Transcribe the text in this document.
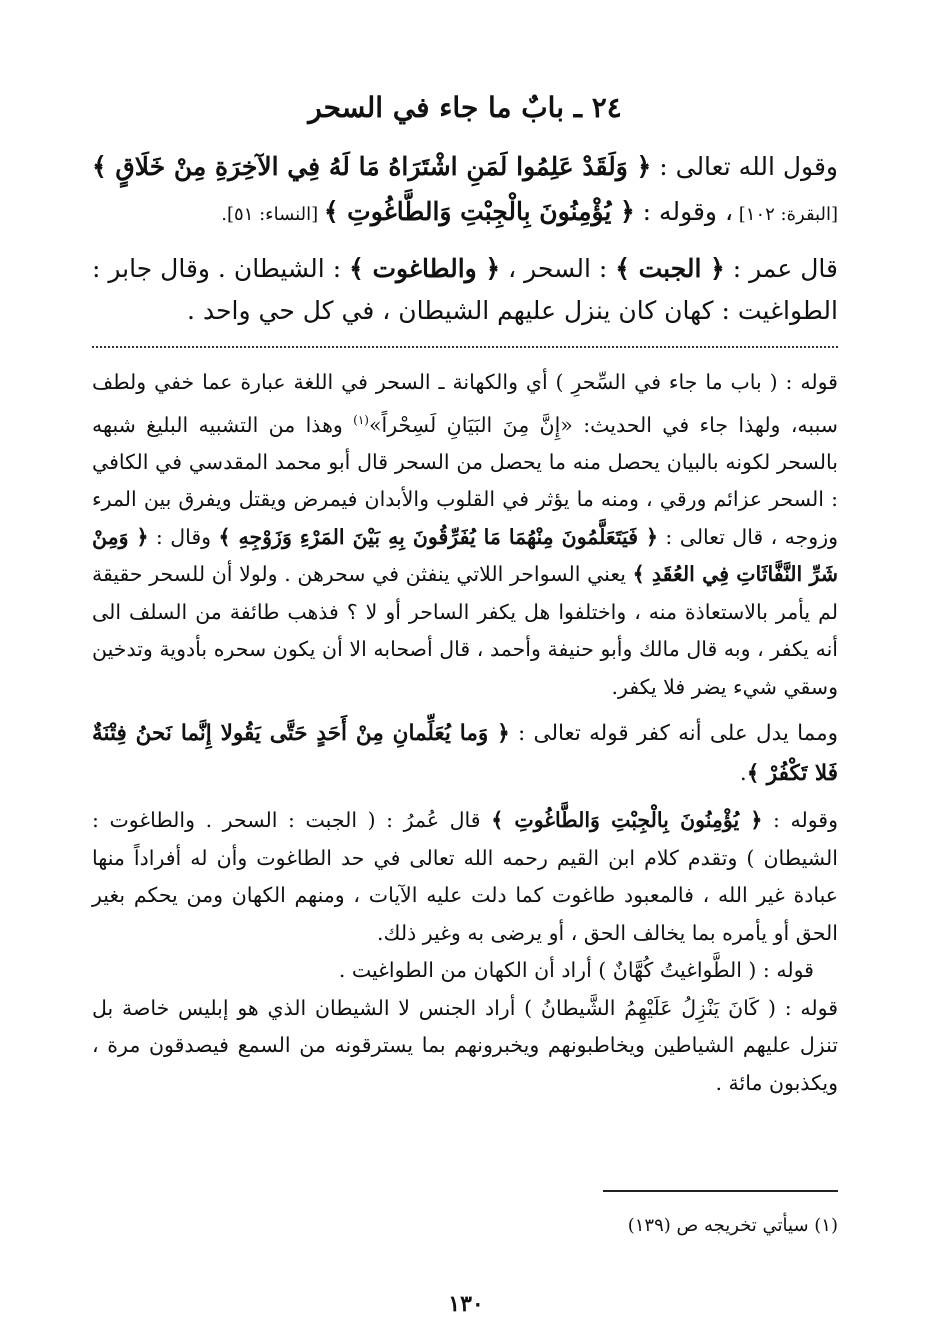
٢٤ ـ بابٌ ما جاء في السحر

وقول الله تعالى : ﴿ وَلَقَدْ عَلِمُوا لَمَنِ اشْتَرَاهُ مَا لَهُ فِي الآخِرَةِ مِنْ خَلَاقٍ ﴾ [البقرة: ١٠٢] ، وقوله : ﴿ يُؤْمِنُونَ بِالْجِبْتِ وَالطَّاغُوتِ ﴾ [النساء: ٥١].

قال عمر : ﴿ الجبت ﴾ : السحر ، ﴿ والطاغوت ﴾ : الشيطان . وقال جابر : الطواغيت : كهان كان ينزل عليهم الشيطان ، في كل حي واحد .

قوله : ( باب ما جاء في السِّحرِ ) أي والكهانة ـ السحر في اللغة عبارة عما خفي ولطف سببه، ولهذا جاء في الحديث: «إِنَّ مِنَ البَيَانِ لَسِحْراً»$^{(١)}$ وهذا من التشبيه البليغ شبهه بالسحر لكونه بالبيان يحصل منه ما يحصل من السحر قال أبو محمد المقدسي في الكافي : السحر عزائم ورقي ، ومنه ما يؤثر في القلوب والأبدان فيمرض ويقتل ويفرق بين المرء وزوجه ، قال تعالى : ﴿ فَيَتَعَلَّمُونَ مِنْهُمَا مَا يُفَرِّقُونَ بِهِ بَيْنَ المَرْءِ وَزَوْجِهِ ﴾ وقال : ﴿ وَمِنْ شَرِّ النَّفَّاثَاتِ فِي العُقَدِ ﴾ يعني السواحر اللاتي ينفثن في سحرهن . ولولا أن للسحر حقيقة لم يأمر بالاستعاذة منه ، واختلفوا هل يكفر الساحر أو لا ؟ فذهب طائفة من السلف الى أنه يكفر ، وبه قال مالك وأبو حنيفة وأحمد ، قال أصحابه الا أن يكون سحره بأدوية وتدخين وسقي شيء يضر فلا يكفر.

ومما يدل على أنه كفر قوله تعالى : ﴿ وَما يُعَلِّمانِ مِنْ أَحَدٍ حَتَّى يَقُولا إِنَّما نَحنُ فِتْنَةٌ فَلا تَكْفُرْ ﴾.

وقوله : ﴿ يُؤْمِنُونَ بِالْجِبْتِ وَالطَّاغُوتِ ﴾ قال عُمرُ : ( الجبت : السحر . والطاغوت : الشيطان ) وتقدم كلام ابن القيم رحمه الله تعالى في حد الطاغوت وأن له أفراداً منها عبادة غير الله ، فالمعبود طاغوت كما دلت عليه الآيات ، ومنهم الكهان ومن يحكم بغير الحق أو يأمره بما يخالف الحق ، أو يرضى به وغير ذلك.

قوله : ( الطَّواغيتُ كُهَّانٌ ) أراد أن الكهان من الطواغيت .

قوله : ( كَانَ يَنْزِلُ عَلَيْهِمُ الشَّيطانُ ) أراد الجنس لا الشيطان الذي هو إبليس خاصة بل تنزل عليهم الشياطين ويخاطبونهم ويخبرونهم بما يسترقونه من السمع فيصدقون مرة ، ويكذبون مائة .

(١) سيأتي تخريجه ص (١٣٩)
١٣٠
